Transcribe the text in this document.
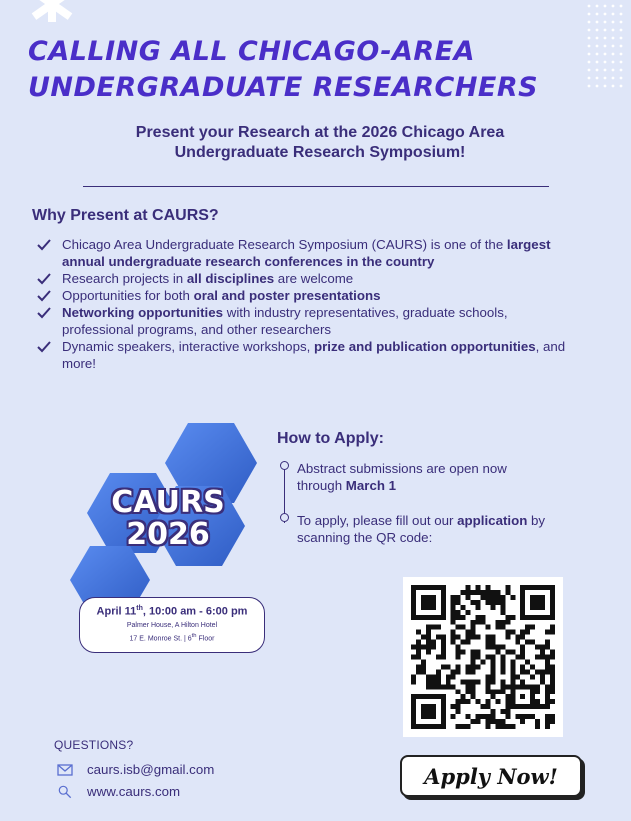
CALLING ALL CHICAGO-AREA
UNDERGRADUATE RESEARCHERS
Present your Research at the 2026 Chicago Area
Undergraduate Research Symposium!
Why Present at CAURS?
Chicago Area Undergraduate Research Symposium (CAURS) is one of the largest annual undergraduate research conferences in the country
Research projects in all disciplines are welcome
Opportunities for both oral and poster presentations
Networking opportunities with industry representatives, graduate schools, professional programs, and other researchers
Dynamic speakers, interactive workshops, prize and publication opportunities, and more!
CAURS
2026
April 11th, 10:00 am - 6:00 pm
Palmer House, A Hilton Hotel
17 E. Monroe St. | 6th Floor
How to Apply:
Abstract submissions are open now through March 1
To apply, please fill out our application by scanning the QR code:
QUESTIONS?
caurs.isb@gmail.com
www.caurs.com
Apply Now!
